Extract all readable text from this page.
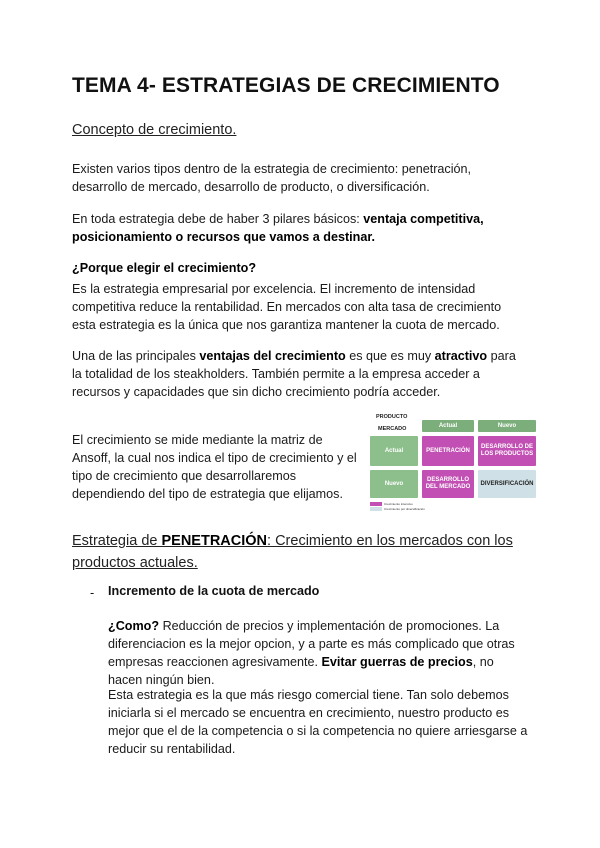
TEMA 4- ESTRATEGIAS DE CRECIMIENTO
Concepto de crecimiento.

Existen varios tipos dentro de la estrategia de crecimiento: penetración, desarrollo de mercado, desarrollo de producto, o diversificación.

En toda estrategia debe de haber 3 pilares básicos: ventaja competitiva, posicionamiento o recursos que vamos a destinar.

¿Porque elegir el crecimiento?

Es la estrategia empresarial por excelencia. El incremento de intensidad competitiva reduce la rentabilidad. En mercados con alta tasa de crecimiento esta estrategia es la única que nos garantiza mantener la cuota de mercado.

Una de las principales ventajas del crecimiento es que es muy atractivo para la totalidad de los steakholders. También permite a la empresa acceder a recursos y capacidades que sin dicho crecimiento podría acceder.

El crecimiento se mide mediante la matriz de Ansoff, la cual nos indica el tipo de crecimiento y el tipo de crecimiento que desarrollaremos dependiendo del tipo de estrategia que elijamos.

PRODUCTO
MERCADO
Actual	Nuevo
Actual
Nuevo
PENETRACIÓN
DESARROLLO DE LOS PRODUCTOS
DESARROLLO DEL MERCADO
DIVERSIFICACIÓN
Crecimiento intensivo
Crecimiento por diversificación
Estrategia de PENETRACIÓN: Crecimiento en los mercados con los productos actuales.
- Incremento de la cuota de mercado

¿Como? Reducción de precios y implementación de promociones. La diferenciacion es la mejor opcion, y a parte es más complicado que otras empresas reaccionen agresivamente. Evitar guerras de precios, no hacen ningún bien.

Esta estrategia es la que más riesgo comercial tiene. Tan solo debemos iniciarla si el mercado se encuentra en crecimiento, nuestro producto es mejor que el de la competencia o si la competencia no quiere arriesgarse a reducir su rentabilidad.
